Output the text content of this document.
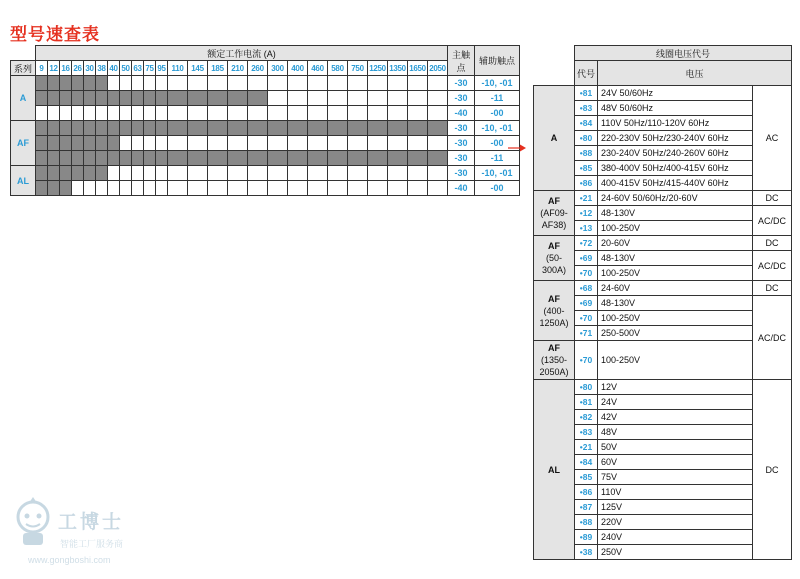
型号速查表
	额定工作电流 (A)																									主触点	辅助触点
系列	9	12	16	26	30	38	40	50	63	75	95	110	145	185	210	260	300	400	460	580	750	1250	1350	1650	2050		
A																										-30	-10, -01
																										-30	-11
																										-40	-00
AF																										-30	-10, -01
																										-30	-00
																										-30	-11
AL																										-30	-10, -01
																										-40	-00
	线圈电压代号		
	代号	电压	

A	•81	24V 50/60Hz	AC
	•83	48V 50/60Hz	
	•84	110V 50Hz/110-120V 60Hz	
	•80	220-230V 50Hz/230-240V 60Hz	
	•88	230-240V 50Hz/240-260V 60Hz	
	•85	380-400V 50Hz/400-415V 60Hz	
	•86	400-415V 50Hz/415-440V 60Hz	

AF
(AF09-AF38)	•21	24-60V 50/60Hz/20-60V	DC
	•12	48-130V	AC/DC
	•13	100-250V	

AF
(50-300A)	•72	20-60V	DC
	•69	48-130V	AC/DC
	•70	100-250V	

AF
(400-1250A)	•68	24-60V	DC
	•69	48-130V	AC/DC
	•70	100-250V	
	•71	250-500V	

AF
(1350-2050A)	•70	100-250V	

AL	•80	12V	DC
	•81	24V	
	•82	42V	
	•83	48V	
	•21	50V	
	•84	60V	
	•85	75V	
	•86	110V	
	•87	125V	
	•88	220V	
	•89	240V	
	•38	250V	
工博士
智能工厂服务商
www.gongboshi.com
